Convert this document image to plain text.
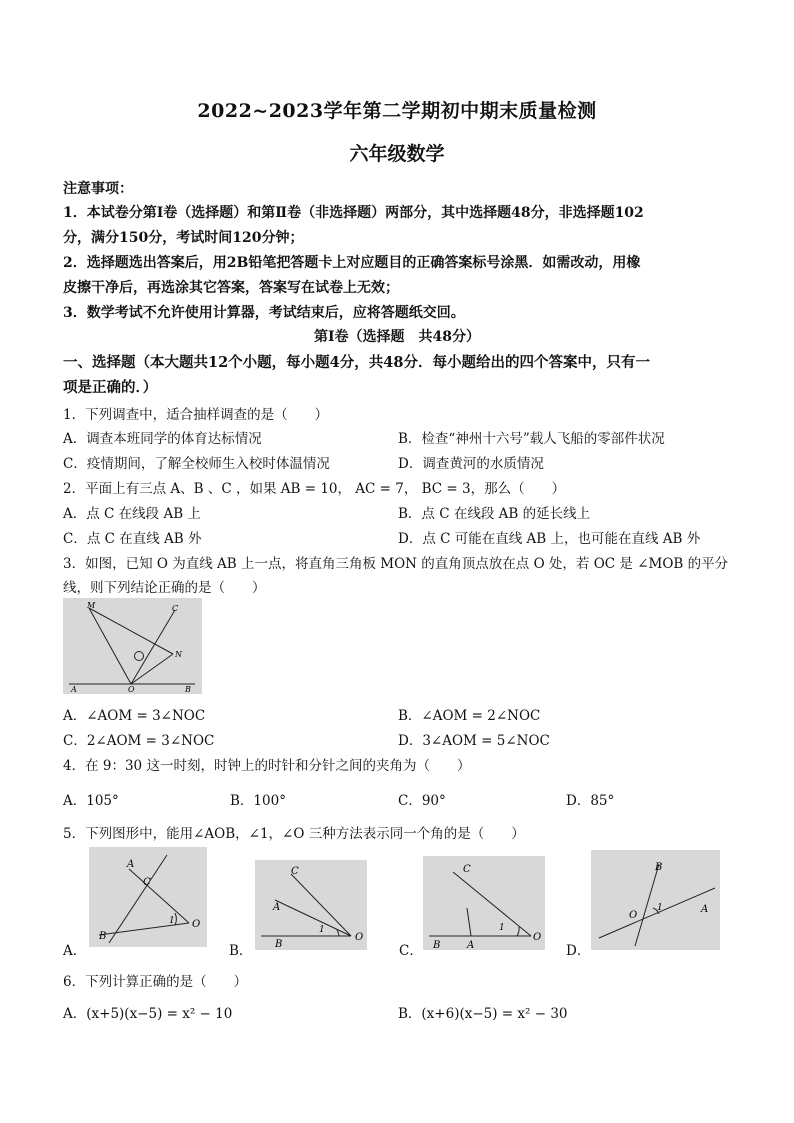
2022~2023学年第二学期初中期末质量检测
六年级数学
注意事项：
1．本试卷分第Ⅰ卷（选择题）和第Ⅱ卷（非选择题）两部分，其中选择题48分，非选择题102
分，满分150分，考试时间120分钟；
2．选择题选出答案后，用2B铅笔把答题卡上对应题目的正确答案标号涂黑．如需改动，用橡
皮擦干净后，再选涂其它答案，答案写在试卷上无效；
3．数学考试不允许使用计算器，考试结束后，应将答题纸交回。
第Ⅰ卷（选择题　共48分）
一、选择题（本大题共12个小题，每小题4分，共48分．每小题给出的四个答案中，只有一
项是正确的．）
1．下列调查中，适合抽样调查的是（　　）
A．调查本班同学的体育达标情况	B．检查“神州十六号”载人飞船的零部件状况
C．疫情期间，了解全校师生入校时体温情况	D．调查黄河的水质情况
2．平面上有三点 A、B 、C ，如果 AB = 10， AC = 7， BC = 3，那么（　　）
A．点 C 在线段 AB 上	B．点 C 在线段 AB 的延长线上
C．点 C 在直线 AB 外	D．点 C 可能在直线 AB 上，也可能在直线 AB 外
3．如图，已知 O 为直线 AB 上一点，将直角三角板 MON 的直角顶点放在点 O 处，若 OC 是 ∠MOB 的平分
线，则下列结论正确的是（　　）
M	C
N
O
A	B
A．∠AOM = 3∠NOC	B．∠AOM = 2∠NOC
C．2∠AOM = 3∠NOC	D．3∠AOM = 5∠NOC
4．在 9：30 这一时刻，时钟上的时针和分针之间的夹角为（　　）
A．105°	B．100°	C．90°	D．85°
5．下列图形中，能用∠AOB，∠1，∠O 三种方法表示同一个角的是（　　）
A．
A
C
B
1 O
B．
C
A
B
1
O
C．
C
B	A
1
O
D．
B
O
1	A
6．下列计算正确的是（　　）
A．(x+5)(x−5) = x² − 10	B．(x+6)(x−5) = x² − 30
